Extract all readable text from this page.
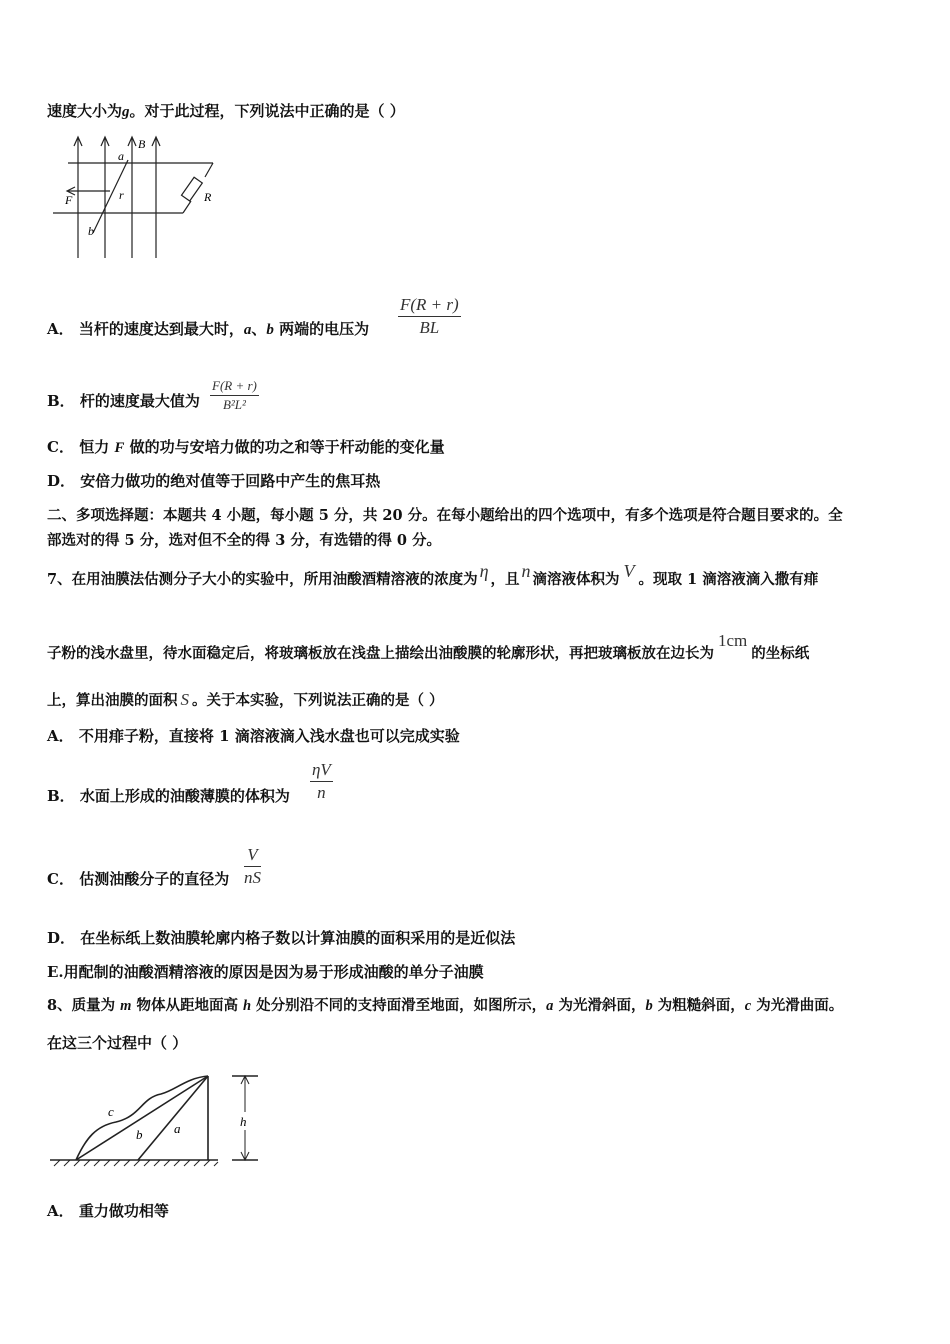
速度大小为g。对于此过程，下列说法中正确的是（ ）
a
B
F	r
b
R
A． 当杆的速度达到最大时，a、b 两端的电压为 $\frac{F(R + r)}{BL}$
B． 杆的速度最大值为 $\frac{F(R + r)}{\text{B²L²}}$
C． 恒力 F 做的功与安培力做的功之和等于杆动能的变化量
D． 安倍力做功的绝对值等于回路中产生的焦耳热
二、多项选择题：本题共 4 小题，每小题 5 分，共 20 分。在每小题给出的四个选项中，有多个选项是符合题目要求的。全
部选对的得 5 分，选对但不全的得 3 分，有选错的得 0 分。
7、在用油膜法估测分子大小的实验中，所用油酸酒精溶液的浓度为 η ，且 n 滴溶液体积为 V 。现取 1 滴溶液滴入撒有痱
子粉的浅水盘里，待水面稳定后，将玻璃板放在浅盘上描绘出油酸膜的轮廓形状，再把玻璃板放在边长为1cm的坐标纸
上，算出油膜的面积 S 。关于本实验，下列说法正确的是（ ）
A． 不用痱子粉，直接将 1 滴溶液滴入浅水盘也可以完成实验
B． 水面上形成的油酸薄膜的体积为 $\frac{\eta V}{n}$
C． 估测油酸分子的直径为 $\frac{V}{nS}$
D． 在坐标纸上数油膜轮廓内格子数以计算油膜的面积采用的是近似法
E.用配制的油酸酒精溶液的原因是因为易于形成油酸的单分子油膜
8、质量为 m 物体从距地面高 h 处分别沿不同的支持面滑至地面，如图所示，a 为光滑斜面，b 为粗糙斜面，c 为光滑曲面。
在这三个过程中（ ）
c
b a	h
A． 重力做功相等
